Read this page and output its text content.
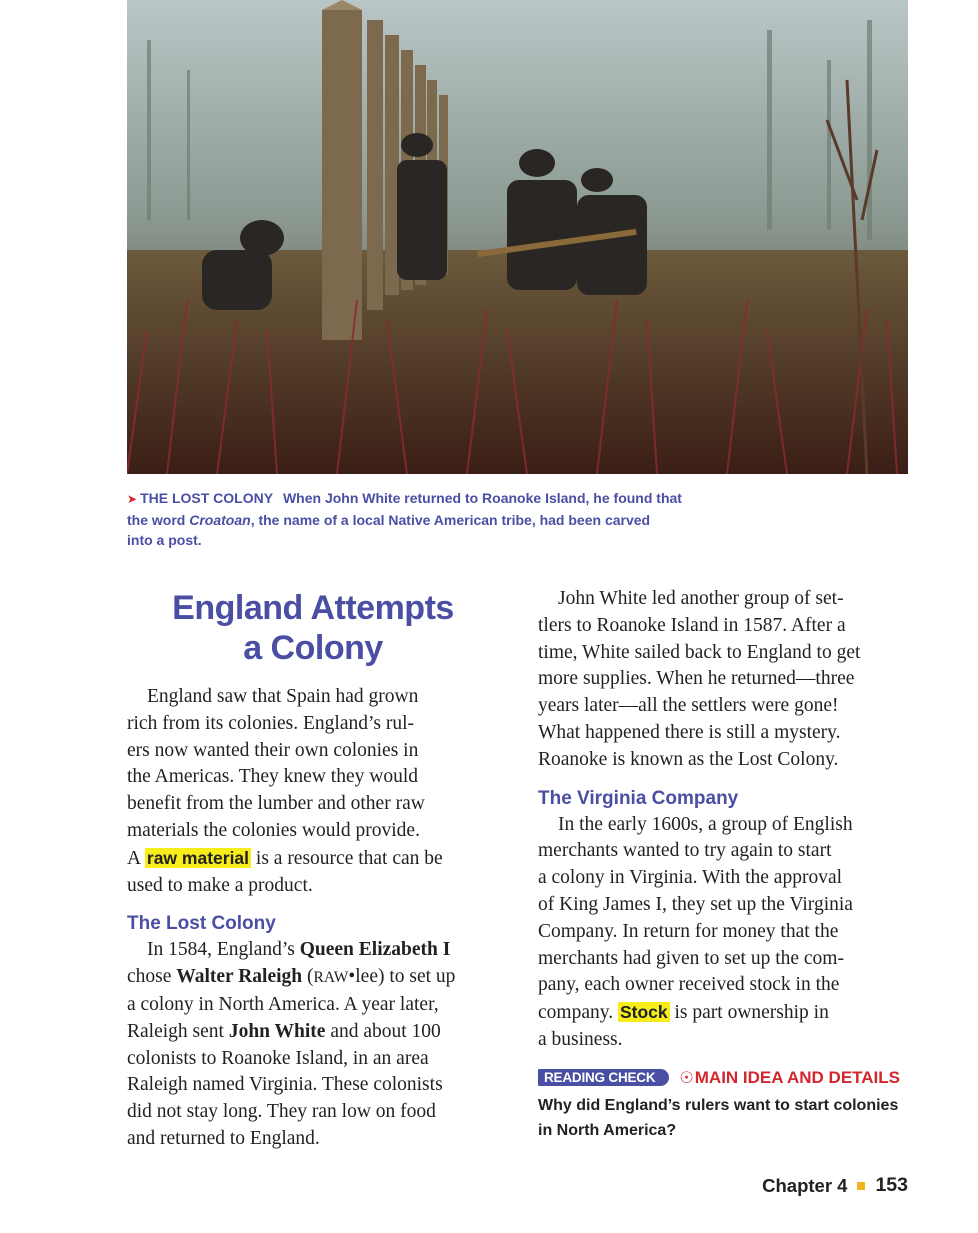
➤ THE LOST COLONY When John White returned to Roanoke Island, he found that
the word Croatoan, the name of a local Native American tribe, had been carved
into a post.
England Attempts
a Colony

England saw that Spain had grown
rich from its colonies. England’s rul-
ers now wanted their own colonies in
the Americas. They knew they would
benefit from the lumber and other raw
materials the colonies would provide.
A raw material is a resource that can be
used to make a product.

The Lost Colony

In 1584, England’s Queen Elizabeth I
chose Walter Raleigh (RAW•lee) to set up
a colony in North America. A year later,
Raleigh sent John White and about 100
colonists to Roanoke Island, in an area
Raleigh named Virginia. These colonists
did not stay long. They ran low on food
and returned to England.

John White led another group of set-
tlers to Roanoke Island in 1587. After a
time, White sailed back to England to get
more supplies. When he returned—three
years later—all the settlers were gone!
What happened there is still a mystery.
Roanoke is known as the Lost Colony.

The Virginia Company

In the early 1600s, a group of English
merchants wanted to try again to start
a colony in Virginia. With the approval
of King James I, they set up the Virginia
Company. In return for money that the
merchants had given to set up the com-
pany, each owner received stock in the
company. Stock is part ownership in
a business.

READING CHECK	☉ MAIN IDEA AND DETAILS
Why did England’s rulers want to start colonies
in North America?
Chapter 4 153
